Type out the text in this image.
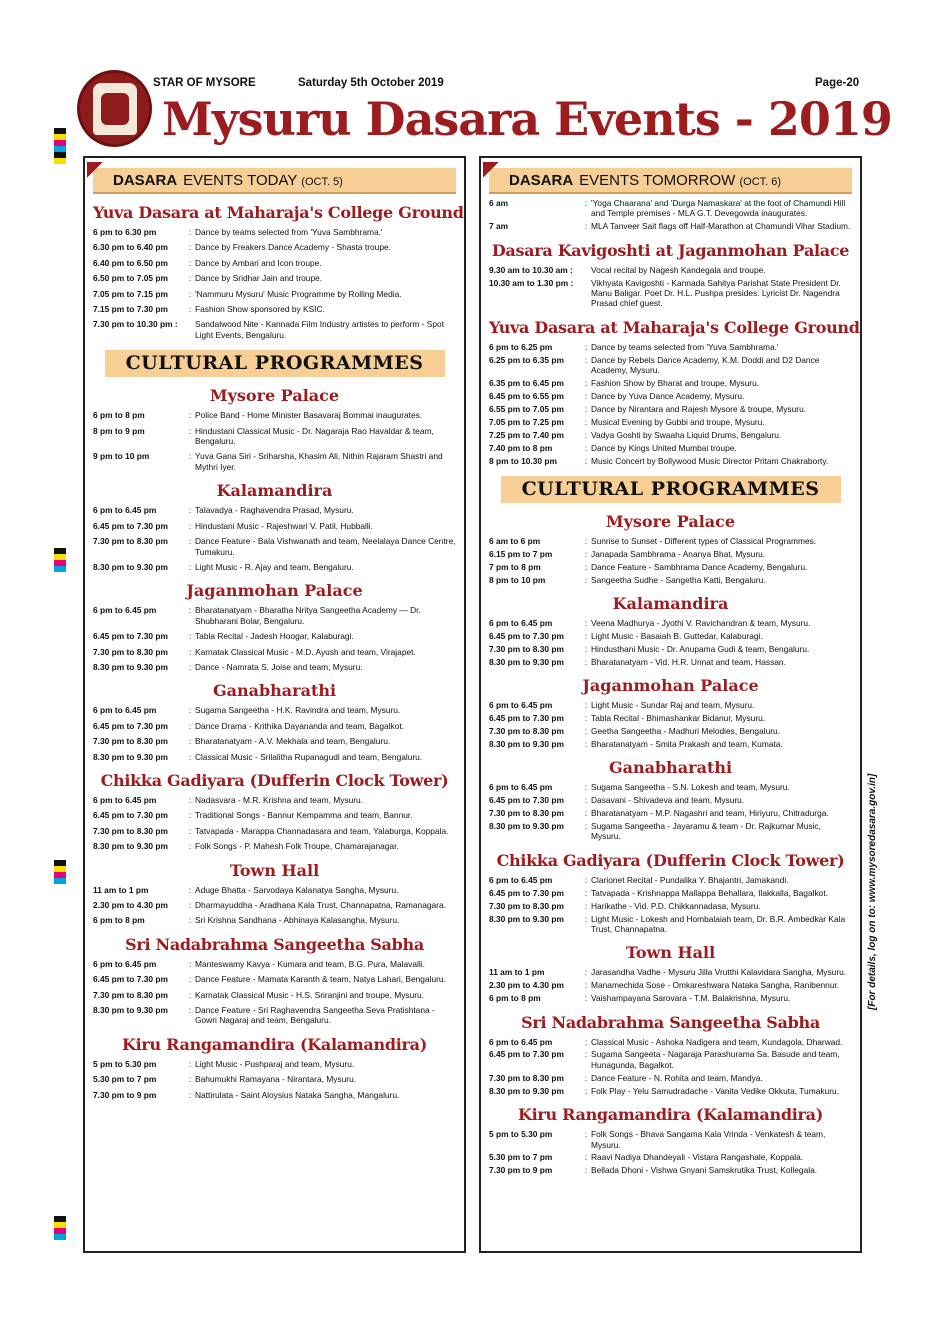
STAR OF MYSORE	Saturday 5th October 2019	Page-20
Mysuru Dasara Events - 2019
DASARA EVENTS TODAY (OCT. 5)
Yuva Dasara at Maharaja's College Ground
6 pm to 6.30 pm	: Dance by teams selected from 'Yuva Sambhrama.'
6.30 pm to 6.40 pm	: Dance by Freakers Dance Academy - Shasta troupe.
6.40 pm to 6.50 pm	: Dance by Ambari and Icon troupe.
6.50 pm to 7.05 pm	: Dance by Sridhar Jain and troupe.
7.05 pm to 7.15 pm	: 'Nammuru Mysuru' Music Programme by Rolling Media.
7.15 pm to 7.30 pm	: Fashion Show sponsored by KSIC.
7.30 pm to 10.30 pm :	Sandalwood Nite - Kannada Film Industry artistes to perform - Spot Light Events, Bengaluru.
CULTURAL PROGRAMMES
Mysore Palace
6 pm to 8 pm	: Police Band - Home Minister Basavaraj Bommai inaugurates.
8 pm to 9 pm	: Hindustani Classical Music - Dr. Nagaraja Rao Havaldar & team, Bengaluru.
9 pm to 10 pm	: Yuva Gana Siri - Sriharsha, Khasim Ali, Nithin Rajaram Shastri and Mythri Iyer.
Kalamandira
6 pm to 6.45 pm	: Talavadya - Raghavendra Prasad, Mysuru.
6.45 pm to 7.30 pm	: Hindustani Music - Rajeshwari V. Patil, Hubballi.
7.30 pm to 8.30 pm	: Dance Feature - Bala Vishwanath and team, Neelalaya Dance Centre, Tumakuru.
8.30 pm to 9.30 pm	: Light Music - R. Ajay and team, Bengaluru.
Jaganmohan Palace
6 pm to 6.45 pm	: Bharatanatyam - Bharatha Nritya Sangeetha Academy — Dr. Shubharani Bolar, Bengaluru.
6.45 pm to 7.30 pm	: Tabla Recital - Jadesh Hoogar, Kalaburagi.
7.30 pm to 8.30 pm	: Karnatak Classical Music - M.D. Ayush and team, Virajapet.
8.30 pm to 9.30 pm	: Dance - Namrata S. Joise and team, Mysuru.
Ganabharathi
6 pm to 6.45 pm	: Sugama Sangeetha - H.K. Ravindra and team, Mysuru.
6.45 pm to 7.30 pm	: Dance Drama - Krithika Dayananda and team, Bagalkot.
7.30 pm to 8.30 pm	: Bharatanatyam - A.V. Mekhala and team, Bengaluru.
8.30 pm to 9.30 pm	: Classical Music - Srilalitha Rupanagudi and team, Bengaluru.
Chikka Gadiyara (Dufferin Clock Tower)
6 pm to 6.45 pm	: Nadasvara - M.R. Krishna and team, Mysuru.
6.45 pm to 7.30 pm	: Traditional Songs - Bannur Kempamma and team, Bannur.
7.30 pm to 8.30 pm	: Tatvapada - Marappa Channadasara and team, Yalaburga, Koppala.
8.30 pm to 9.30 pm	: Folk Songs - P. Mahesh Folk Troupe, Chamarajanagar.
Town Hall
11 am to 1 pm	: Aduge Bhatta - Sarvodaya Kalanatya Sangha, Mysuru.
2.30 pm to 4.30 pm	: Dharmayuddha - Aradhana Kala Trust, Channapatna, Ramanagara.
6 pm to 8 pm	: Sri Krishna Sandhana - Abhinaya Kalasangha, Mysuru.
Sri Nadabrahma Sangeetha Sabha
6 pm to 6.45 pm	: Manteswamy Kavya - Kumara and team, B.G. Pura, Malavalli.
6.45 pm to 7.30 pm	: Dance Feature - Mamata Karanth & team, Natya Lahari, Bengaluru.
7.30 pm to 8.30 pm	: Karnatak Classical Music - H.S. Sriranjini and troupe, Mysuru.
8.30 pm to 9.30 pm	: Dance Feature - Sri Raghavendra Sangeetha Seva Pratishtana - Gowri Nagaraj and team, Bengaluru.
Kiru Rangamandira (Kalamandira)
5 pm to 5.30 pm	: Light Music - Pushparaj and team, Mysuru.
5.30 pm to 7 pm	: Bahumukhi Ramayana - Nirantara, Mysuru.
7.30 pm to 9 pm	: Nattirulata - Saint Aloysius Nataka Sangha, Mangaluru.
DASARA EVENTS TOMORROW (OCT. 6)
6 am	: 'Yoga Chaarana' and 'Durga Namaskara' at the foot of Chamundi Hill and Temple premises - MLA G.T. Devegowda inaugurates.
7 am	: MLA Tanveer Sait flags off Half-Marathon at Chamundi Vihar Stadium.
Dasara Kavigoshti at Jaganmohan Palace
9.30 am to 10.30 am :	Vocal recital by Nagesh Kandegala and troupe.
10.30 am to 1.30 pm :	Vikhyata Kavigoshti - Kannada Sahitya Parishat State President Dr. Manu Baligar. Poet Dr. H.L. Pushpa presides. Lyricist Dr. Nagendra Prasad chief guest.
Yuva Dasara at Maharaja's College Ground
6 pm to 6.25 pm	: Dance by teams selected from 'Yuva Sambhrama.'
6.25 pm to 6.35 pm	: Dance by Rebels Dance Academy, K.M. Doddi and D2 Dance Academy, Mysuru.
6.35 pm to 6.45 pm	: Fashion Show by Bharat and troupe, Mysuru.
6.45 pm to 6.55 pm	: Dance by Yuva Dance Academy, Mysuru.
6.55 pm to 7.05 pm	: Dance by Nirantara and Rajesh Mysore & troupe, Mysuru.
7.05 pm to 7.25 pm	: Musical Evening by Gubbi and troupe, Mysuru.
7.25 pm to 7.40 pm	: Vadya Goshti by Swaaha Liquid Drums, Bengaluru.
7.40 pm to 8 pm	: Dance by Kings United Mumbai troupe.
8 pm to 10.30 pm	: Music Concert by Bollywood Music Director Pritam Chakraborty.
CULTURAL PROGRAMMES
Mysore Palace
6 am to 6 pm	: Sunrise to Sunset - Different types of Classical Programmes.
6.15 pm to 7 pm	: Janapada Sambhrama - Ananya Bhat, Mysuru.
7 pm to 8 pm	: Dance Feature - Sambhrama Dance Academy, Bengaluru.
8 pm to 10 pm	: Sangeetha Sudhe - Sangetha Katti, Bengaluru.
Kalamandira
6 pm to 6.45 pm	: Veena Madhurya - Jyothi V. Ravichandran & team, Mysuru.
6.45 pm to 7.30 pm	: Light Music - Basaiah B. Guttedar, Kalaburagi.
7.30 pm to 8.30 pm	: Hindusthani Music - Dr. Anupama Gudi & team, Bengaluru.
8.30 pm to 9.30 pm	: Bharatanatyam - Vid. H.R. Unnat and team, Hassan.
Jaganmohan Palace
6 pm to 6.45 pm	: Light Music - Sundar Raj and team, Mysuru.
6.45 pm to 7.30 pm	: Tabla Recital - Bhimashankar Bidanur, Mysuru.
7.30 pm to 8.30 pm	: Geetha Sangeetha - Madhuri Melodies, Bengaluru.
8.30 pm to 9.30 pm	: Bharatanatyam - Smita Prakash and team, Kumata.
Ganabharathi
6 pm to 6.45 pm	: Sugama Sangeetha - S.N. Lokesh and team, Mysuru.
6.45 pm to 7.30 pm	: Dasavani - Shivadeva and team, Mysuru.
7.30 pm to 8.30 pm	: Bharatanatyam - M.P. Nagashri and team, Hiriyuru, Chitradurga.
8.30 pm to 9.30 pm	: Sugama Sangeetha - Jayaramu & team - Dr. Rajkumar Music, Mysuru.
Chikka Gadiyara (Dufferin Clock Tower)
6 pm to 6.45 pm	: Clarionet Recital - Pundalika Y. Bhajantri, Jamakandi.
6.45 pm to 7.30 pm	: Tatvapada - Krishnappa Mallappa Behallara, Ilakkalla, Bagalkot.
7.30 pm to 8.30 pm	: Harikathe - Vid. P.D. Chikkannadasa, Mysuru.
8.30 pm to 9.30 pm	: Light Music - Lokesh and Hombalaiah team, Dr. B.R. Ambedkar Kala Trust, Channapatna.
Town Hall
11 am to 1 pm	: Jarasandha Vadhe - Mysuru Jilla Vrutthi Kalavidara Sangha, Mysuru.
2.30 pm to 4.30 pm	: Manamechida Sose - Omkareshwara Nataka Sangha, Ranibennur.
6 pm to 8 pm	: Vaishampayana Sarovara - T.M. Balakrishna, Mysuru.
Sri Nadabrahma Sangeetha Sabha
6 pm to 6.45 pm	: Classical Music - Ashoka Nadigera and team, Kundagola, Dharwad.
6.45 pm to 7.30 pm	: Sugama Sangeeta - Nagaraja Parashurama Sa. Basude and team, Hunagunda, Bagalkot.
7.30 pm to 8.30 pm	: Dance Feature - N. Rohita and team, Mandya.
8.30 pm to 9.30 pm	: Folk Play - Yelu Samudradache - Vanita Vedike Okkuta, Tumakuru.
Kiru Rangamandira (Kalamandira)
5 pm to 5.30 pm	: Folk Songs - Bhava Sangama Kala Vrinda - Venkatesh & team, Mysuru.
5.30 pm to 7 pm	: Raavi Nadiya Dhandeyali - Vistara Rangashale, Koppala.
7.30 pm to 9 pm	: Bellada Dhoni - Vishwa Gnyani Samskrutika Trust, Kollegala.
[For details, log on to: www.mysoredasara.gov.in]
